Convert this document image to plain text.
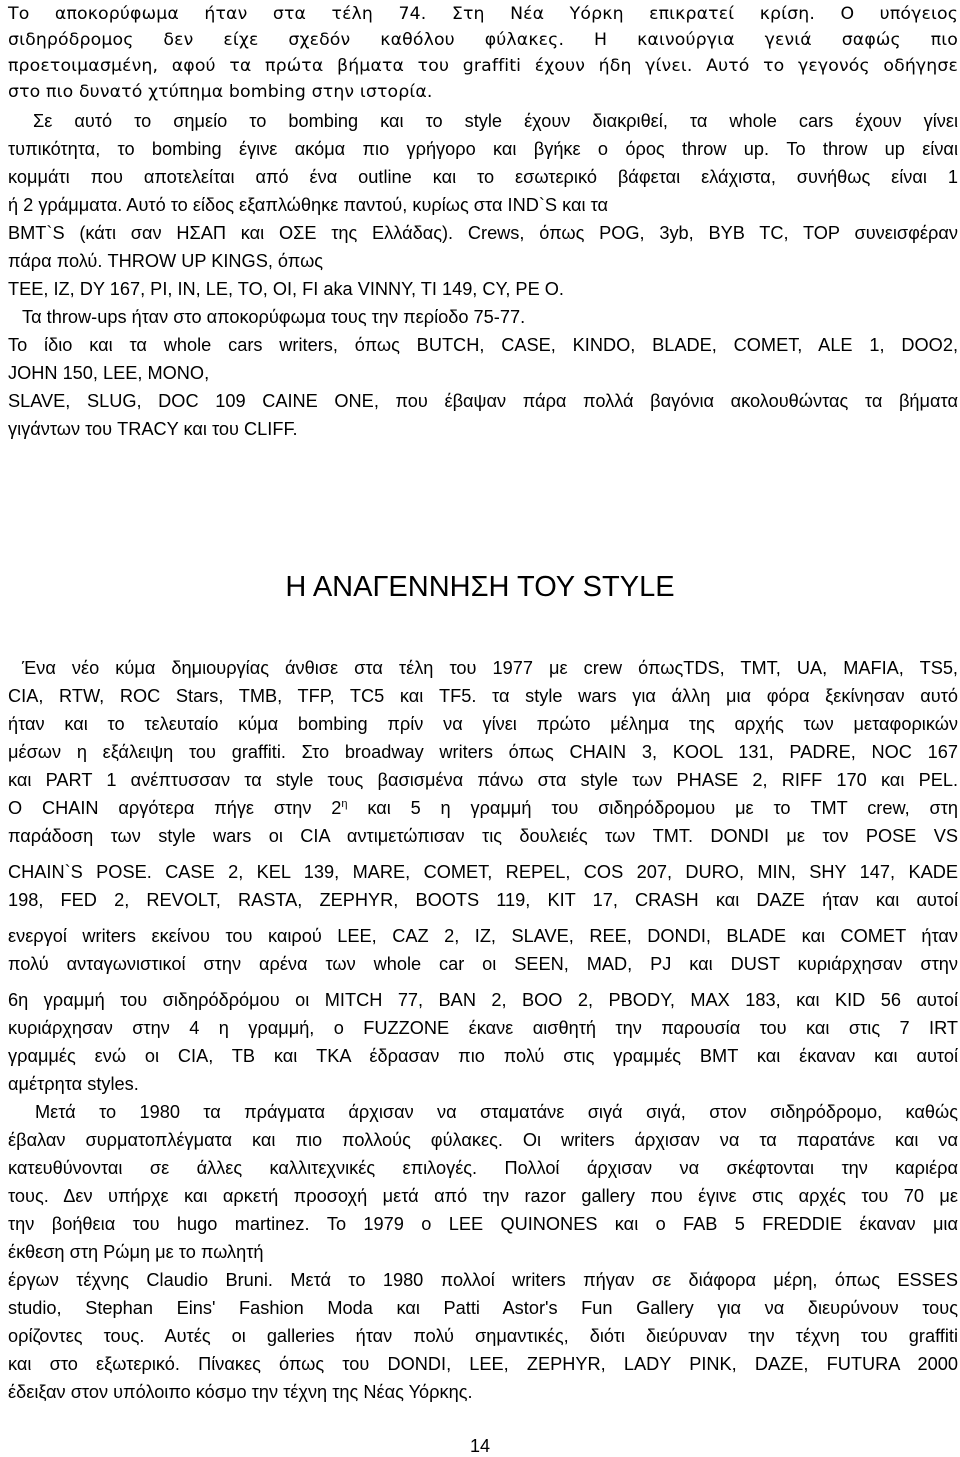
Το αποκορύφωμα ήταν στα τέλη 74. Στη Νέα Υόρκη επικρατεί κρίση. Ο υπόγειος

σιδηρόδρομος δεν είχε σχεδόν καθόλου φύλακες. Η καινούργια γενιά σαφώς πιο

προετοιμασμένη, αφού τα πρώτα βήματα του graffiti έχουν ήδη γίνει. Αυτό το γεγονός οδήγησε

στο πιο δυνατό χτύπημα bombing στην ιστορία.

Σε αυτό το σημείο το bombing και το style έχουν διακριθεί, τα whole cars έχουν γίνει

τυπικότητα, το bombing έγινε ακόμα πιο γρήγορο και βγήκε ο όρος throw up. Το throw up είναι

κομμάτι που αποτελείται από ένα outline και το εσωτερικό βάφεται ελάχιστα, συνήθως είναι 1

ή 2 γράμματα. Αυτό το είδος εξαπλώθηκε παντού, κυρίως στα IND`S και τα

BMT`S (κάτι σαν ΗΣΑΠ και ΟΣΕ της Ελλάδας). Crews, όπως POG, 3yb, BYB TC, TOP συνεισφέραν

πάρα πολύ. THROW UP KINGS, όπως

TEE, IZ, DY 167, PI, IN, LE, TO, OI, FI aka VINNY, TI 149, CY, PE O.

Τα throw-ups ήταν στο αποκορύφωμα τους την περίοδο 75-77.

Το ίδιο και τα whole cars writers, όπως BUTCH, CASE, KINDO, BLADE, COMET, ALE 1, DOO2,

JOHN 150, LEE, MONO,

SLAVE, SLUG, DOC 109 CAINE ONE, που έβαψαν πάρα πολλά βαγόνια ακολουθώντας τα βήματα

γιγάντων του TRACY και του CLIFF.

Η ΑΝΑΓΕΝΝΗΣΗ ΤΟΥ STYLE

Ένα νέο κύμα δημιουργίας άνθισε στα τέλη του 1977 με crew όπωςTDS, TMT, UA, MAFIA, TS5,

CIA, RTW, ROC Stars, TMB, TFP, TC5 και TF5. τα style wars για άλλη μια φόρα ξεκίνησαν αυτό

ήταν και το τελευταίο κύμα bombing πρίν να γίνει πρώτο μέλημα της αρχής των μεταφορικών

μέσων η εξάλειψη του graffiti. Στο broadway writers όπως CHAIN 3, KOOL 131, PADRE, NOC 167

και PART 1 ανέπτυσσαν τα style τους βασισμένα πάνω στα style των PHASE 2, RIFF 170 και PEL.

Ο CHAIN αργότερα πήγε στην $2^\eta$ και 5 η γραμμή του σιδηρόδρομου με το TMT crew, στη

παράδοση των style wars οι CIA αντιμετώπισαν τις δουλειές των TMT. DONDI με τον POSE VS

CHAIN`S POSE. CASE 2, KEL 139, MARE, COMET, REPEL, COS 207, DURO, MIN, SHY 147, KADE

198, FED 2, REVOLT, RASTA, ZEPHYR, BOOTS 119, KIT 17, CRASH και DAZE ήταν και αυτοί

ενεργοί writers εκείνου του καιρού LEE, CAZ 2, IZ, SLAVE, REE, DONDI, BLADE και COMET ήταν

πολύ ανταγωνιστικοί στην αρένα των whole car οι SEEN, MAD, PJ και DUST κυριάρχησαν στην

6η γραμμή του σιδηρόδρόμου οι MITCH 77, BAN 2, BOO 2, PBODY, MAX 183, και KID 56 αυτοί

κυριάρχησαν στην 4 η γραμμή, ο FUZZONE έκανε αισθητή την παρουσία του και στις 7 IRT

γραμμές ενώ οι CIA, TB και TKA έδρασαν πιο πολύ στις γραμμές BMT και έκαναν και αυτοί

αμέτρητα styles.

Μετά το 1980 τα πράγματα άρχισαν να σταματάνε σιγά σιγά, στον σιδηρόδρομο, καθώς

έβαλαν συρματοπλέγματα και πιο πολλούς φύλακες. Οι writers άρχισαν να τα παρατάνε και να

κατευθύνονται σε άλλες καλλιτεχνικές επιλογές. Πολλοί άρχισαν να σκέφτονται την καριέρα

τους. Δεν υπήρχε και αρκετή προσοχή μετά από την razor gallery που έγινε στις αρχές του 70 με

την βοήθεια του hugo martinez. Το 1979 ο LEE QUINONES και ο FAB 5 FREDDIE έκαναν μια

έκθεση στη Ρώμη με το πωλητή

έργων τέχνης Claudio Bruni. Μετά το 1980 πολλοί writers πήγαν σε διάφορα μέρη, όπως ESSES

studio, Stephan Eins' Fashion Moda και Patti Astor's Fun Gallery για να διευρύνουν τους

ορίζοντες τους. Αυτές οι galleries ήταν πολύ σημαντικές, διότι διεύρυναν την τέχνη του graffiti

και στο εξωτερικό. Πίνακες όπως του DONDI, LEE, ZEPHYR, LADY PINK, DAZE, FUTURA 2000

έδειξαν στον υπόλοιπο κόσμο την τέχνη της Νέας Υόρκης.

14
